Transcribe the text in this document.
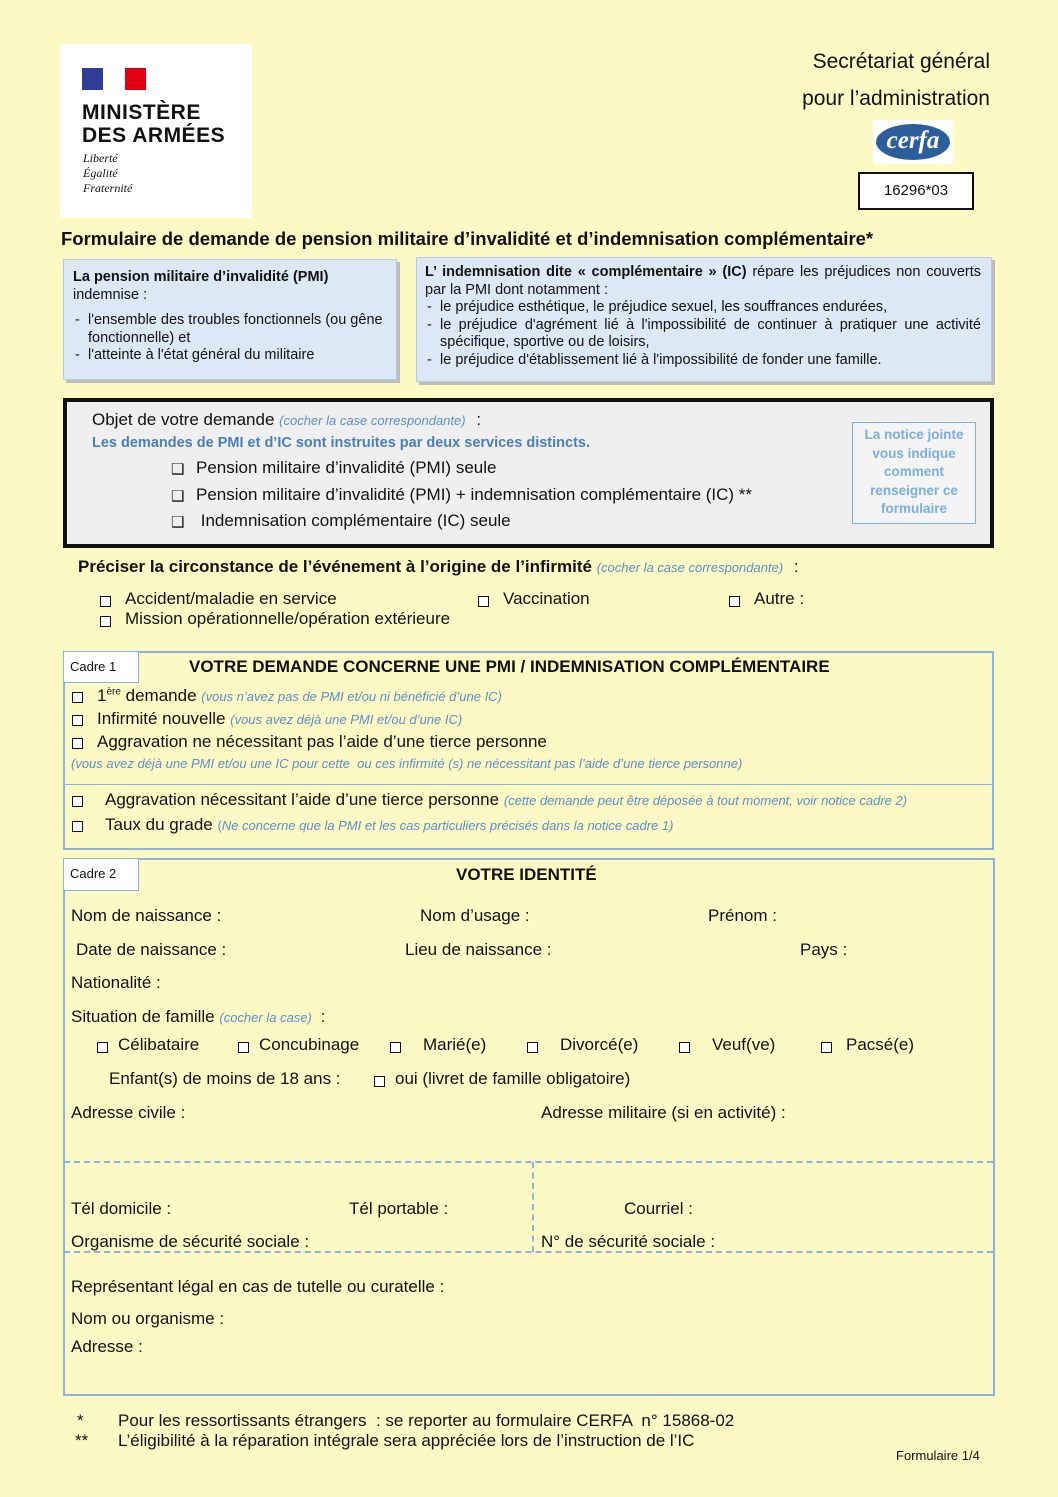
MINISTÈRE
DES ARMÉES
Liberté
Égalité
Fraternité
Secrétariat général
pour l’administration
cerfa
16296*03
Formulaire de demande de pension militaire d’invalidité et d’indemnisation complémentaire*
La pension militaire d’invalidité (PMI)
indemnise :
- l'ensemble des troubles fonctionnels (ou gêne fonctionnelle) et
- l'atteinte à l'état général du militaire
L’ indemnisation dite « complémentaire » (IC) répare les préjudices non couverts par la PMI dont notamment :
- le préjudice esthétique, le préjudice sexuel, les souffrances endurées,
- le préjudice d'agrément lié à l'impossibilité de continuer à pratiquer une activité spécifique, sportive ou de loisirs,
- le préjudice d'établissement lié à l'impossibilité de fonder une famille.
Objet de votre demande (cocher la case correspondante) :
Les demandes de PMI et d’IC sont instruites par deux services distincts.
❑ Pension militaire d’invalidité (PMI) seule
❑ Pension militaire d’invalidité (PMI) + indemnisation complémentaire (IC) **
❑ Indemnisation complémentaire (IC) seule
La notice jointe vous indique comment renseigner ce formulaire
Préciser la circonstance de l’événement à l’origine de l’infirmité (cocher la case correspondante) :
Accident/maladie en service	Vaccination	Autre :
Mission opérationnelle/opération extérieure
Cadre 1	VOTRE DEMANDE CONCERNE UNE PMI / INDEMNISATION COMPLÉMENTAIRE
1ère demande (vous n’avez pas de PMI et/ou ni bénéficié d’une IC)
Infirmité nouvelle (vous avez déjà une PMI et/ou d’une IC)
Aggravation ne nécessitant pas l’aide d’une tierce personne
(vous avez déjà une PMI et/ou une IC pour cette  ou ces infirmité (s) ne nécessitant pas l’aide d’une tierce personne)
Aggravation nécessitant l’aide d’une tierce personne (cette demande peut être déposée à tout moment, voir notice cadre 2)
Taux du grade (Ne concerne que la PMI et les cas particuliers précisés dans la notice cadre 1)
Cadre 2	VOTRE IDENTITÉ
Nom de naissance :	Nom d’usage :	Prénom :
Date de naissance :	Lieu de naissance :	Pays :
Nationalité :
Situation de famille (cocher la case) :
Célibataire	Concubinage	Marié(e)	Divorcé(e)	Veuf(ve)	Pacsé(e)
Enfant(s) de moins de 18 ans :	oui (livret de famille obligatoire)
Adresse civile :	Adresse militaire (si en activité) :
Tél domicile :	Tél portable :	Courriel :
Organisme de sécurité sociale :	N° de sécurité sociale :
Représentant légal en cas de tutelle ou curatelle :
Nom ou organisme :
Adresse :
* Pour les ressortissants étrangers  : se reporter au formulaire CERFA  n° 15868-02
** L’éligibilité à la réparation intégrale sera appréciée lors de l’instruction de l’IC
Formulaire 1/4
